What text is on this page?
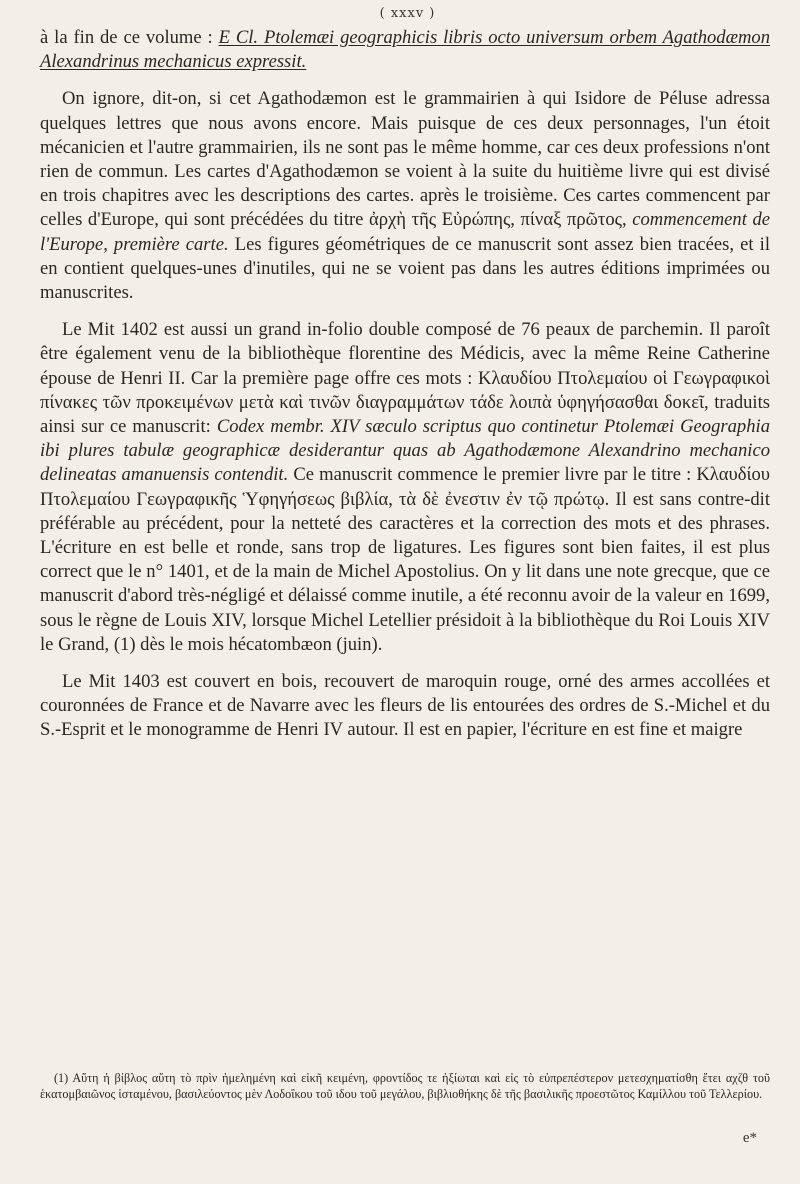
( xxxv )

à la fin de ce volume : E Cl. Ptolemæi geographicis libris octo universum orbem Agathodæmon Alexandrinus mechanicus expressit.

On ignore, dit-on, si cet Agathodæmon est le grammairien à qui Isidore de Péluse adressa quelques lettres que nous avons encore. Mais puisque de ces deux personnages, l'un étoit mécanicien et l'autre grammairien, ils ne sont pas le même homme, car ces deux professions n'ont rien de commun. Les cartes d'Agathodæmon se voient à la suite du huitième livre qui est divisé en trois chapitres avec les descriptions des cartes. après le troisième. Ces cartes commencent par celles d'Europe, qui sont précédées du titre ἀρχὴ τῆς Εὐρώπης, πίναξ πρῶτος, commencement de l'Europe, première carte. Les figures géométriques de ce manuscrit sont assez bien tracées, et il en contient quelques-unes d'inutiles, qui ne se voient pas dans les autres éditions imprimées ou manuscrites.

Le Mit 1402 est aussi un grand in-folio double composé de 76 peaux de parchemin. Il paroît être également venu de la bibliothèque florentine des Médicis, avec la même Reine Catherine épouse de Henri II. Car la première page offre ces mots : Κλαυδίου Πτολεμαίου οἱ Γεωγραφικοὶ πίνακες τῶν προκειμένων μετὰ καὶ τινῶν διαγραμμάτων τάδε λοιπὰ ὑφηγήσασθαι δοκεῖ, traduits ainsi sur ce manuscrit: Codex membr. XIV sæculo scriptus quo continetur Ptolemæi Geographia ibi plures tabulæ geographicæ desiderantur quas ab Agathodæmone Alexandrino mechanico delineatas amanuensis contendit. Ce manuscrit commence le premier livre par le titre : Κλαυδίου Πτολεμαίου Γεωγραφικῆς Ὑφηγήσεως βιβλία, τὰ δὲ ἐνεστιν ἐν τῷ πρώτῳ. Il est sans contre-dit préférable au précédent, pour la netteté des caractères et la correction des mots et des phrases. L'écriture en est belle et ronde, sans trop de ligatures. Les figures sont bien faites, il est plus correct que le n° 1401, et de la main de Michel Apostolius. On y lit dans une note grecque, que ce manuscrit d'abord très-négligé et délaissé comme inutile, a été reconnu avoir de la valeur en 1699, sous le règne de Louis XIV, lorsque Michel Letellier présidoit à la bibliothèque du Roi Louis XIV le Grand, (1) dès le mois hécatombæon (juin).

Le Mit 1403 est couvert en bois, recouvert de maroquin rouge, orné des armes accollées et couronnées de France et de Navarre avec les fleurs de lis entourées des ordres de S.-Michel et du S.-Esprit et le monogramme de Henri IV autour. Il est en papier, l'écriture en est fine et maigre

(1) Αὕτη ἡ βίβλος αὕτη τὸ πρὶν ἠμελημένη καὶ εἰκῆ κειμένη, φροντίδος τε ἠξίωται καὶ εἰς τὸ εὐπρεπέστερον μετεσχηματίσθη ἔτει αχζθ τοῦ ἑκατομβαιῶνος ἱσταμένου, βασιλεύοντος μὲν Λοδοΐκου τοῦ ιδου τοῦ μεγάλου, βιβλιοθήκης δὲ τῆς βασιλικῆς προεστῶτος Καμίλλου τοῦ Τελλερίου.

e*
